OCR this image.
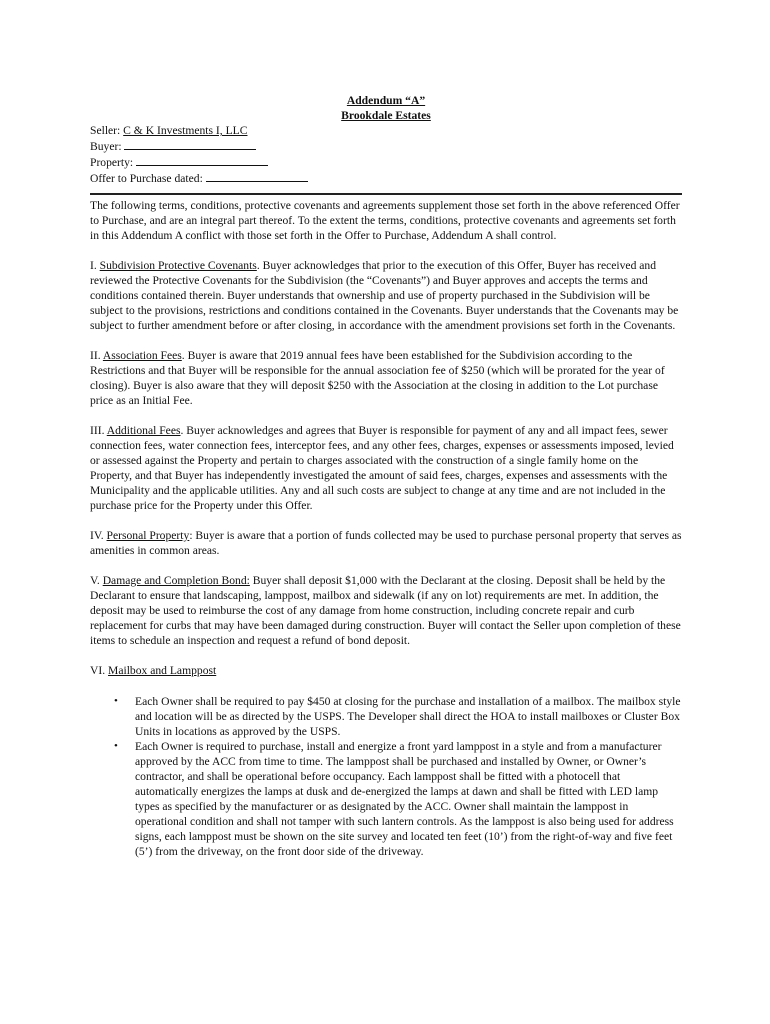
Addendum “A”
Brookdale Estates
Seller: C & K Investments I, LLC
Buyer:
Property:
Offer to Purchase dated:

The following terms, conditions, protective covenants and agreements supplement those set forth in the above referenced Offer to Purchase, and are an integral part thereof. To the extent the terms, conditions, protective covenants and agreements set forth in this Addendum A conflict with those set forth in the Offer to Purchase, Addendum A shall control.

I. Subdivision Protective Covenants. Buyer acknowledges that prior to the execution of this Offer, Buyer has received and reviewed the Protective Covenants for the Subdivision (the “Covenants”) and Buyer approves and accepts the terms and conditions contained therein. Buyer understands that ownership and use of property purchased in the Subdivision will be subject to the provisions, restrictions and conditions contained in the Covenants. Buyer understands that the Covenants may be subject to further amendment before or after closing, in accordance with the amendment provisions set forth in the Covenants.

II. Association Fees. Buyer is aware that 2019 annual fees have been established for the Subdivision according to the Restrictions and that Buyer will be responsible for the annual association fee of $250 (which will be prorated for the year of closing). Buyer is also aware that they will deposit $250 with the Association at the closing in addition to the Lot purchase price as an Initial Fee.

III. Additional Fees. Buyer acknowledges and agrees that Buyer is responsible for payment of any and all impact fees, sewer connection fees, water connection fees, interceptor fees, and any other fees, charges, expenses or assessments imposed, levied or assessed against the Property and pertain to charges associated with the construction of a single family home on the Property, and that Buyer has independently investigated the amount of said fees, charges, expenses and assessments with the Municipality and the applicable utilities. Any and all such costs are subject to change at any time and are not included in the purchase price for the Property under this Offer.

IV. Personal Property: Buyer is aware that a portion of funds collected may be used to purchase personal property that serves as amenities in common areas.

V. Damage and Completion Bond: Buyer shall deposit $1,000 with the Declarant at the closing. Deposit shall be held by the Declarant to ensure that landscaping, lamppost, mailbox and sidewalk (if any on lot) requirements are met. In addition, the deposit may be used to reimburse the cost of any damage from home construction, including concrete repair and curb replacement for curbs that may have been damaged during construction. Buyer will contact the Seller upon completion of these items to schedule an inspection and request a refund of bond deposit.

VI. Mailbox and Lamppost

• Each Owner shall be required to pay $450 at closing for the purchase and installation of a mailbox. The mailbox style and location will be as directed by the USPS. The Developer shall direct the HOA to install mailboxes or Cluster Box Units in locations as approved by the USPS.
• Each Owner is required to purchase, install and energize a front yard lamppost in a style and from a manufacturer approved by the ACC from time to time. The lamppost shall be purchased and installed by Owner, or Owner’s contractor, and shall be operational before occupancy. Each lamppost shall be fitted with a photocell that automatically energizes the lamps at dusk and de-energized the lamps at dawn and shall be fitted with LED lamp types as specified by the manufacturer or as designated by the ACC. Owner shall maintain the lamppost in operational condition and shall not tamper with such lantern controls. As the lamppost is also being used for address signs, each lamppost must be shown on the site survey and located ten feet (10’) from the right-of-way and five feet (5’) from the driveway, on the front door side of the driveway.
